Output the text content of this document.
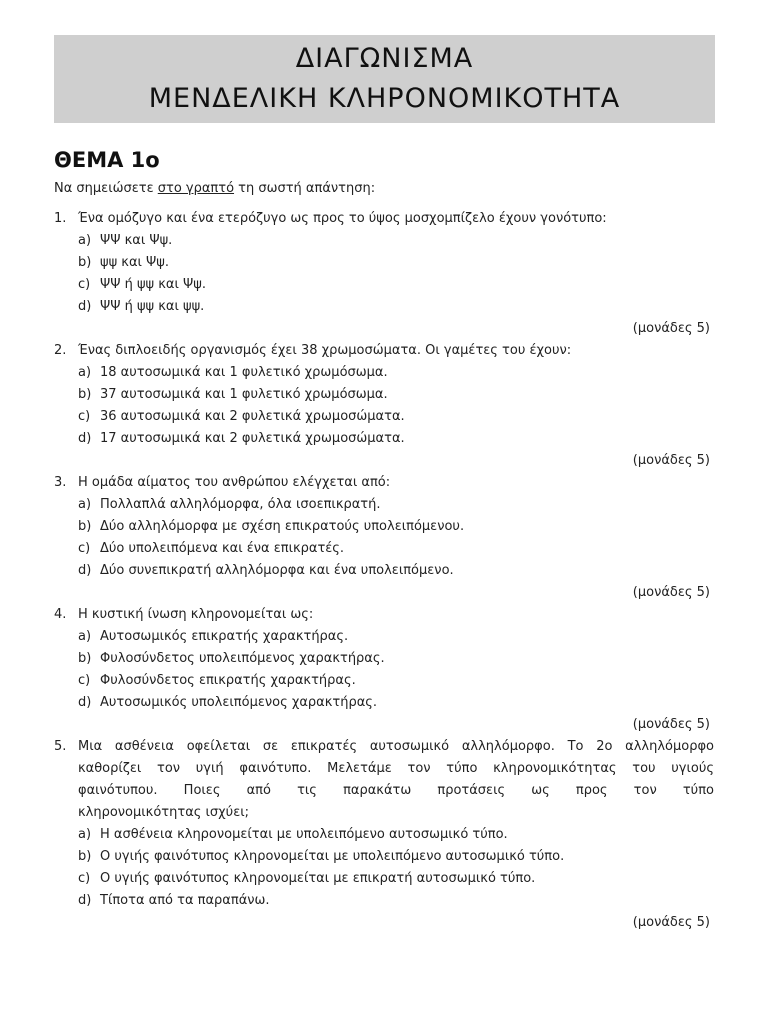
ΔΙΑΓΩΝΙΣΜΑ
ΜΕΝΔΕΛΙΚΗ ΚΛΗΡΟΝΟΜΙΚΟΤΗΤΑ
ΘΕΜΑ 1ο
Να σημειώσετε στο γραπτό τη σωστή απάντηση:
1. Ένα ομόζυγο και ένα ετερόζυγο ως προς το ύψος μοσχομπίζελο έχουν γονότυπο:
a) ΨΨ και Ψψ.
b) ψψ και Ψψ.
c) ΨΨ ή ψψ και Ψψ.
d) ΨΨ ή ψψ και ψψ.
(μονάδες 5)
2. Ένας διπλοειδής οργανισμός έχει 38 χρωμοσώματα. Οι γαμέτες του έχουν:
a) 18 αυτοσωμικά και 1 φυλετικό χρωμόσωμα.
b) 37 αυτοσωμικά και 1 φυλετικό χρωμόσωμα.
c) 36 αυτοσωμικά και 2 φυλετικά χρωμοσώματα.
d) 17 αυτοσωμικά και 2 φυλετικά χρωμοσώματα.
(μονάδες 5)
3. Η ομάδα αίματος του ανθρώπου ελέγχεται από:
a) Πολλαπλά αλληλόμορφα, όλα ισοεπικρατή.
b) Δύο αλληλόμορφα με σχέση επικρατούς υπολειπόμενου.
c) Δύο υπολειπόμενα και ένα επικρατές.
d) Δύο συνεπικρατή αλληλόμορφα και ένα υπολειπόμενο.
(μονάδες 5)
4. Η κυστική ίνωση κληρονομείται ως:
a) Αυτοσωμικός επικρατής χαρακτήρας.
b) Φυλοσύνδετος υπολειπόμενος χαρακτήρας.
c) Φυλοσύνδετος επικρατής χαρακτήρας.
d) Αυτοσωμικός υπολειπόμενος χαρακτήρας.
(μονάδες 5)
5. Μια ασθένεια οφείλεται σε επικρατές αυτοσωμικό αλληλόμορφο. Το 2ο αλληλόμορφο
καθορίζει τον υγιή φαινότυπο. Μελετάμε τον τύπο κληρονομικότητας του υγιούς
φαινότυπου. Ποιες από τις παρακάτω προτάσεις ως προς τον τύπο
κληρονομικότητας ισχύει;
a) Η ασθένεια κληρονομείται με υπολειπόμενο αυτοσωμικό τύπο.
b) Ο υγιής φαινότυπος κληρονομείται με υπολειπόμενο αυτοσωμικό τύπο.
c) Ο υγιής φαινότυπος κληρονομείται με επικρατή αυτοσωμικό τύπο.
d) Τίποτα από τα παραπάνω.
(μονάδες 5)
